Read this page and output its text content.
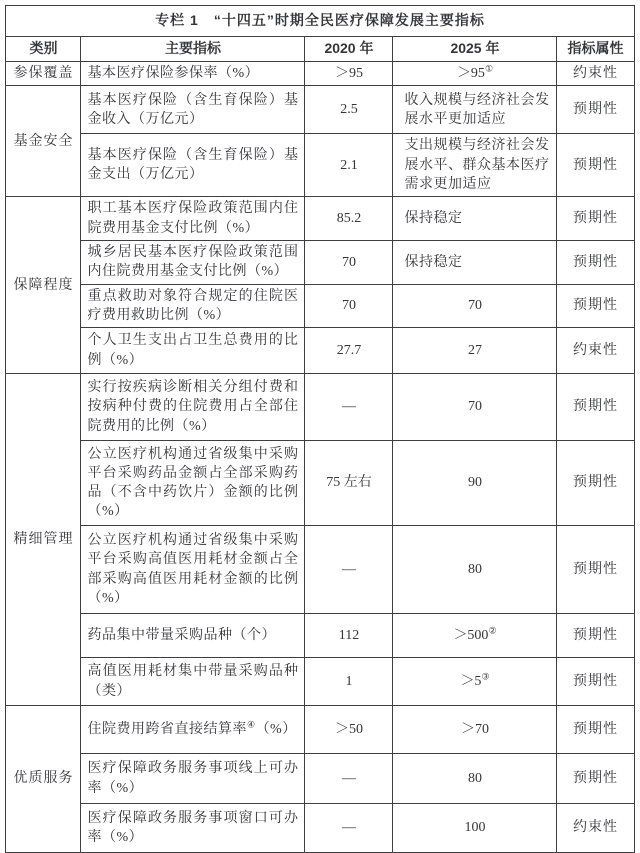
专栏 1　“十四五”时期全民医疗保障发展主要指标				
类别	主要指标	2020 年	2025 年	指标属性
参保覆盖	基本医疗保险参保率（%）	＞95	＞95①	约束性
基金安全	基本医疗保险（含生育保险）基金收入（万亿元）	2.5	收入规模与经济社会发展水平更加适应	预期性
	基本医疗保险（含生育保险）基金支出（万亿元）	2.1	支出规模与经济社会发展水平、群众基本医疗需求更加适应	预期性
保障程度	职工基本医疗保险政策范围内住院费用基金支付比例（%）	85.2	保持稳定	预期性
	城乡居民基本医疗保险政策范围内住院费用基金支付比例（%）	70	保持稳定	预期性
	重点救助对象符合规定的住院医疗费用救助比例（%）	70	70	预期性
	个人卫生支出占卫生总费用的比例（%）	27.7	27	约束性
精细管理	实行按疾病诊断相关分组付费和按病种付费的住院费用占全部住院费用的比例（%）	—	70	预期性
	公立医疗机构通过省级集中采购平台采购药品金额占全部采购药品（不含中药饮片）金额的比例（%）	75 左右	90	预期性
	公立医疗机构通过省级集中采购平台采购高值医用耗材金额占全部采购高值医用耗材金额的比例（%）	—	80	预期性
	药品集中带量采购品种（个）	112	＞500②	预期性
	高值医用耗材集中带量采购品种（类）	1	＞5③	预期性
优质服务	住院费用跨省直接结算率④（%）	＞50	＞70	预期性
	医疗保障政务服务事项线上可办率（%）	—	80	预期性
	医疗保障政务服务事项窗口可办率（%）	—	100	约束性
